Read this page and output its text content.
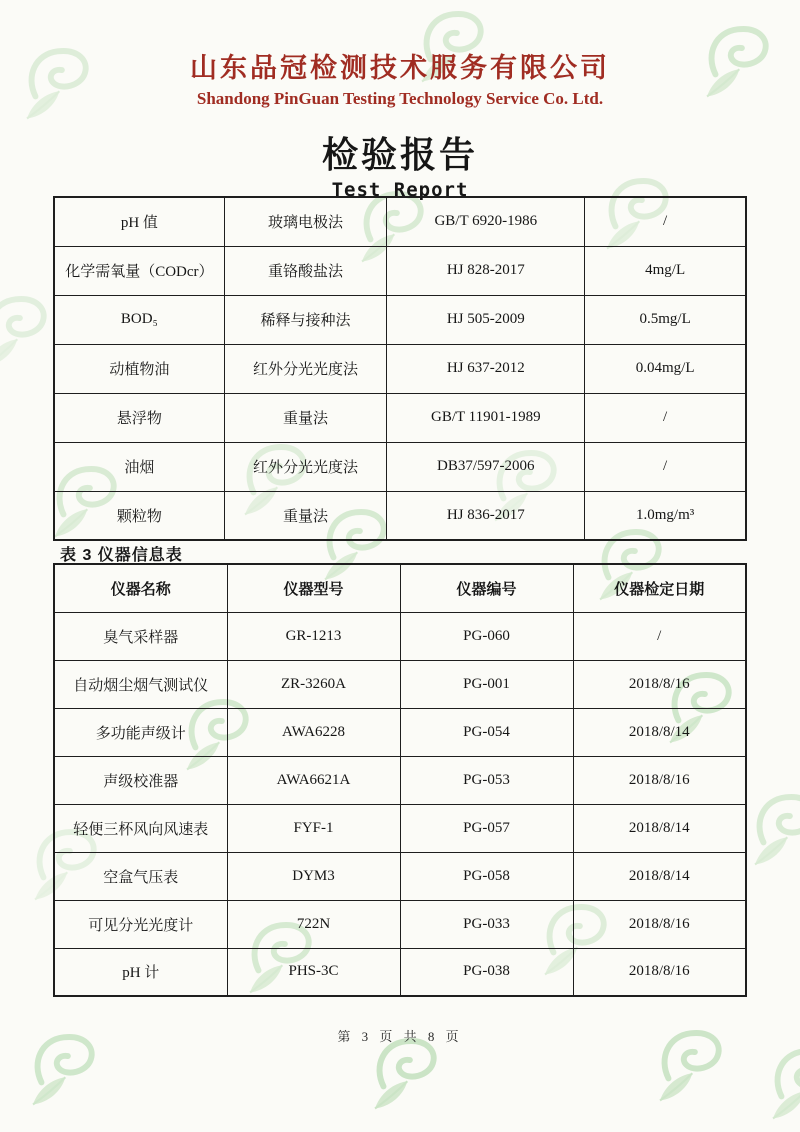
山东品冠检测技术服务有限公司
Shandong PinGuan Testing Technology Service Co. Ltd.
检验报告
Test Report
pH 值	玻璃电极法	GB/T 6920-1986	/
化学需氧量（CODcr）	重铬酸盐法	HJ 828-2017	4mg/L
BOD₅	稀释与接种法	HJ 505-2009	0.5mg/L
动植物油	红外分光光度法	HJ 637-2012	0.04mg/L
悬浮物	重量法	GB/T 11901-1989	/
油烟	红外分光光度法	DB37/597-2006	/
颗粒物	重量法	HJ 836-2017	1.0mg/m³
表 3 仪器信息表
仪器名称	仪器型号	仪器编号	仪器检定日期
臭气采样器	GR-1213	PG-060	/
自动烟尘烟气测试仪	ZR-3260A	PG-001	2018/8/16
多功能声级计	AWA6228	PG-054	2018/8/14
声级校准器	AWA6621A	PG-053	2018/8/16
轻便三杯风向风速表	FYF-1	PG-057	2018/8/14
空盒气压表	DYM3	PG-058	2018/8/14
可见分光光度计	722N	PG-033	2018/8/16
pH 计	PHS-3C	PG-038	2018/8/16
第 3 页 共 8 页
